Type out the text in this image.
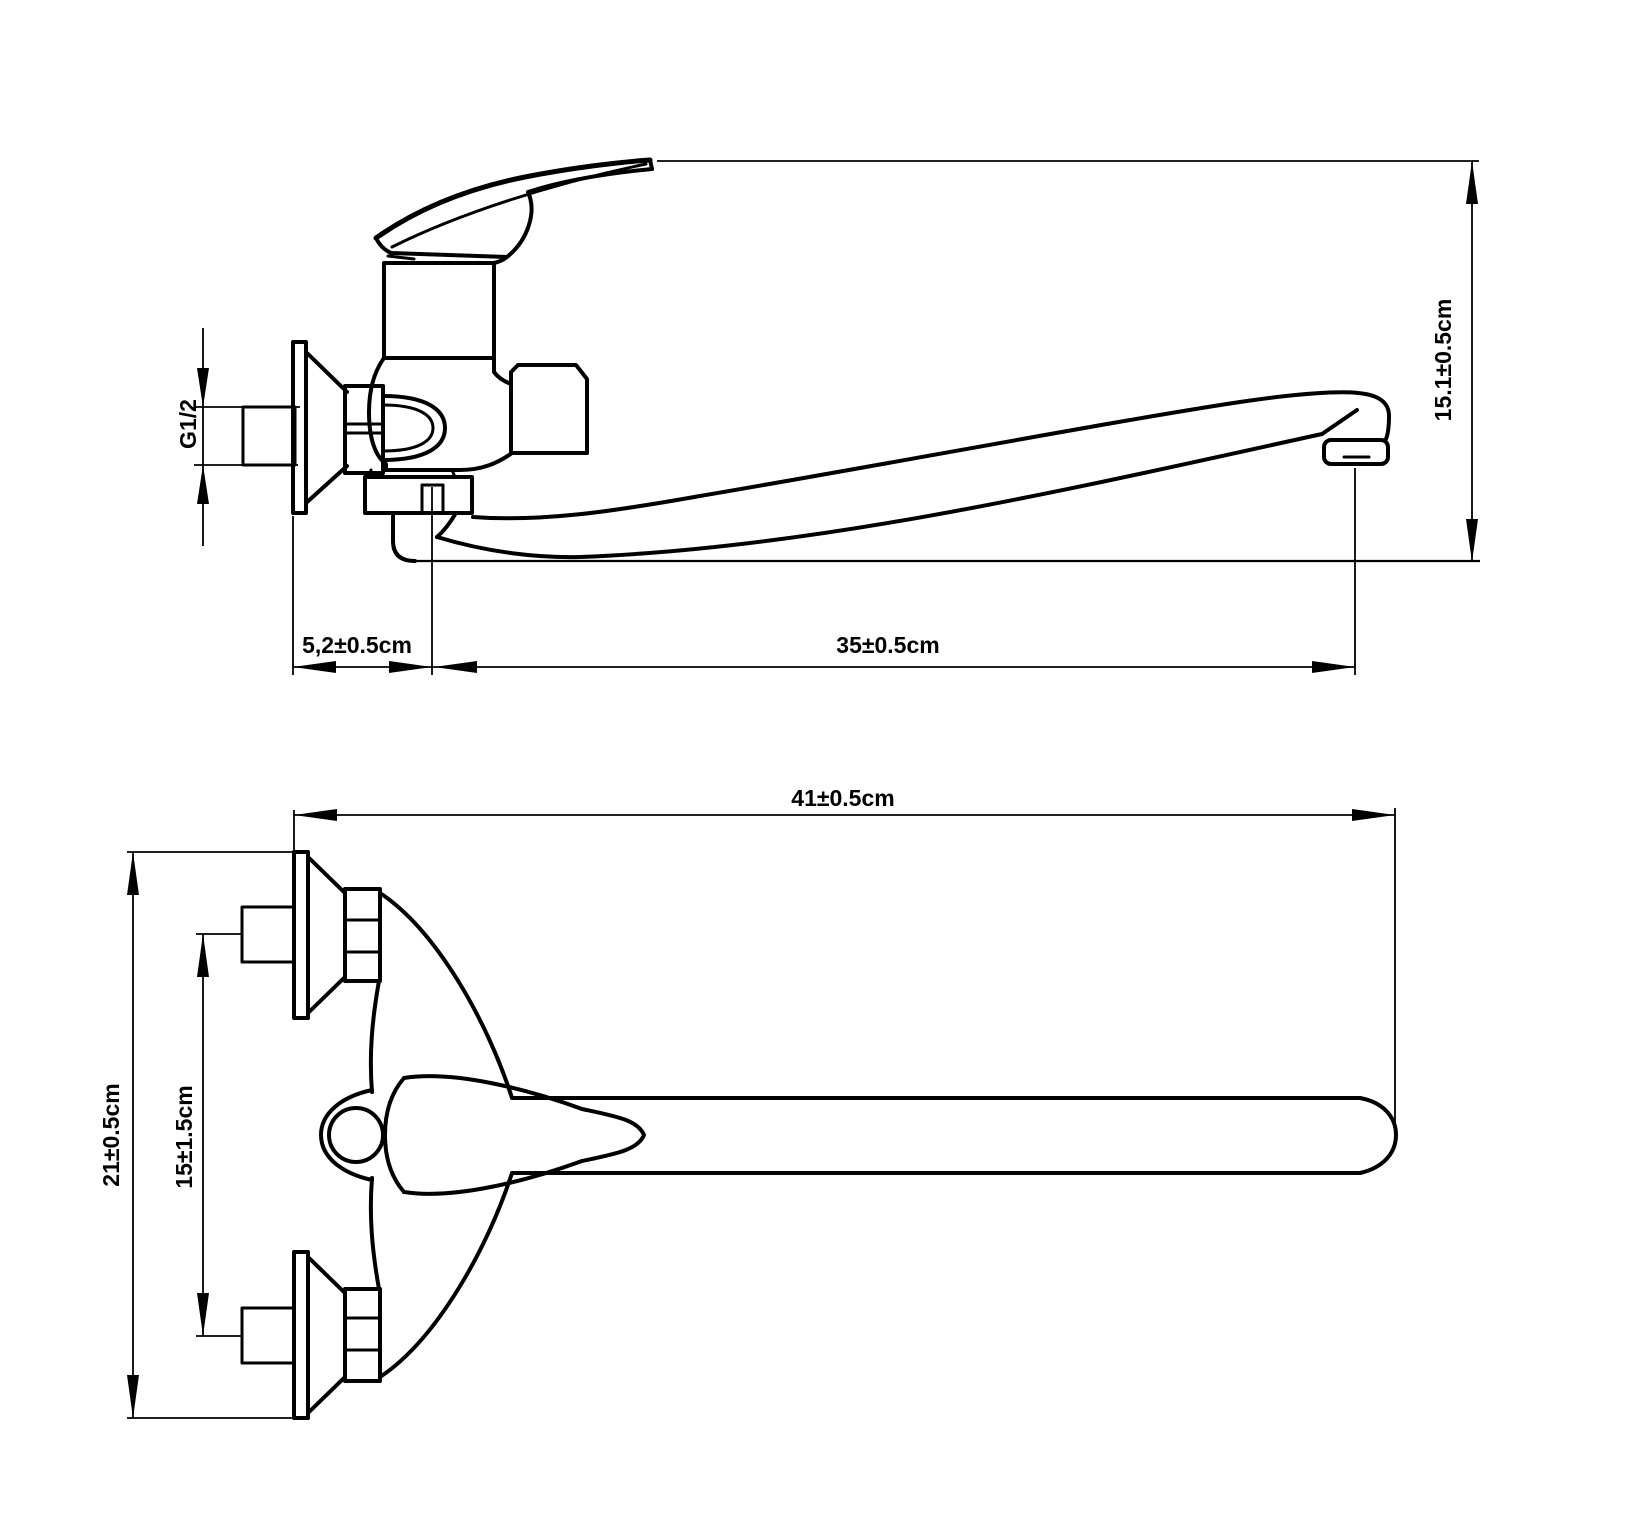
G1/2
5,2±0.5cm	35±0.5cm
15.1±0.5cm
41±0.5cm
21±0.5cm 15±1.5cm
